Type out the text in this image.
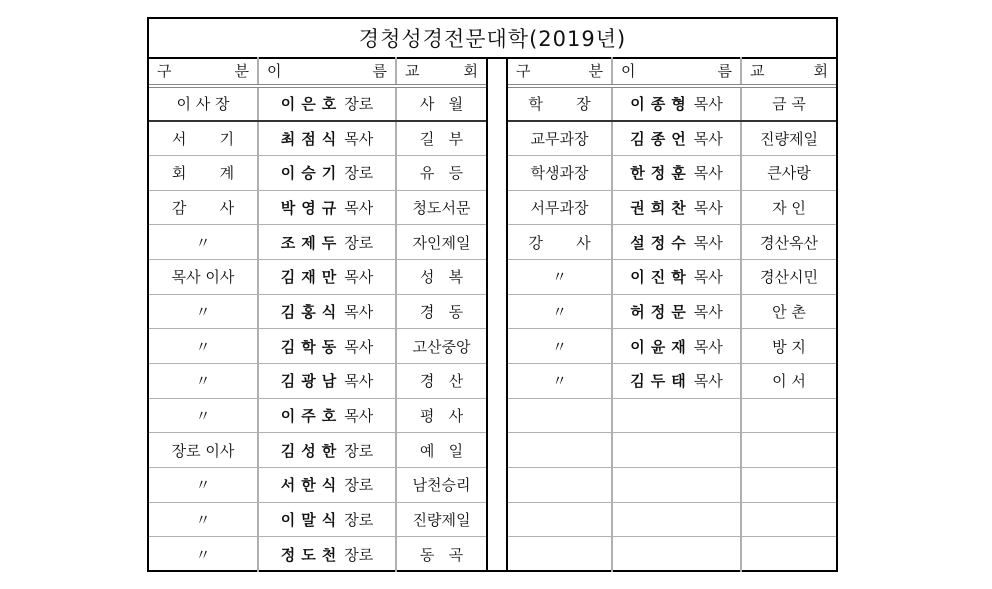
경청성경전문대학(2019년)
구 분	이 름	교 회

이 사 장	이은호 장로	사   월
서       기	최점식 목사	길   부
회       계	이승기 장로	유   등
감       사	박영규 목사	청도서문
〃	조제두 장로	자인제일
목사 이사	김재만 목사	성   복
〃	김홍식 목사	경   동
〃	김학동 목사	고산중앙
〃	김광남 목사	경   산
〃	이주호 목사	평   사
장로 이사	김성한 장로	예   일
〃	서한식 장로	남천승리
〃	이말식 장로	진량제일
〃	정도천 장로	동   곡
구 분	이 름	교 회

학       장	이종형 목사	금 곡
교무과장	김종언 목사	진량제일
학생과장	한정훈 목사	큰사랑
서무과장	권희찬 목사	자 인
강       사	설정수 목사	경산옥산
〃	이진학 목사	경산시민
〃	허정문 목사	안 촌
〃	이윤재 목사	방 지
〃	김두태 목사	이 서
